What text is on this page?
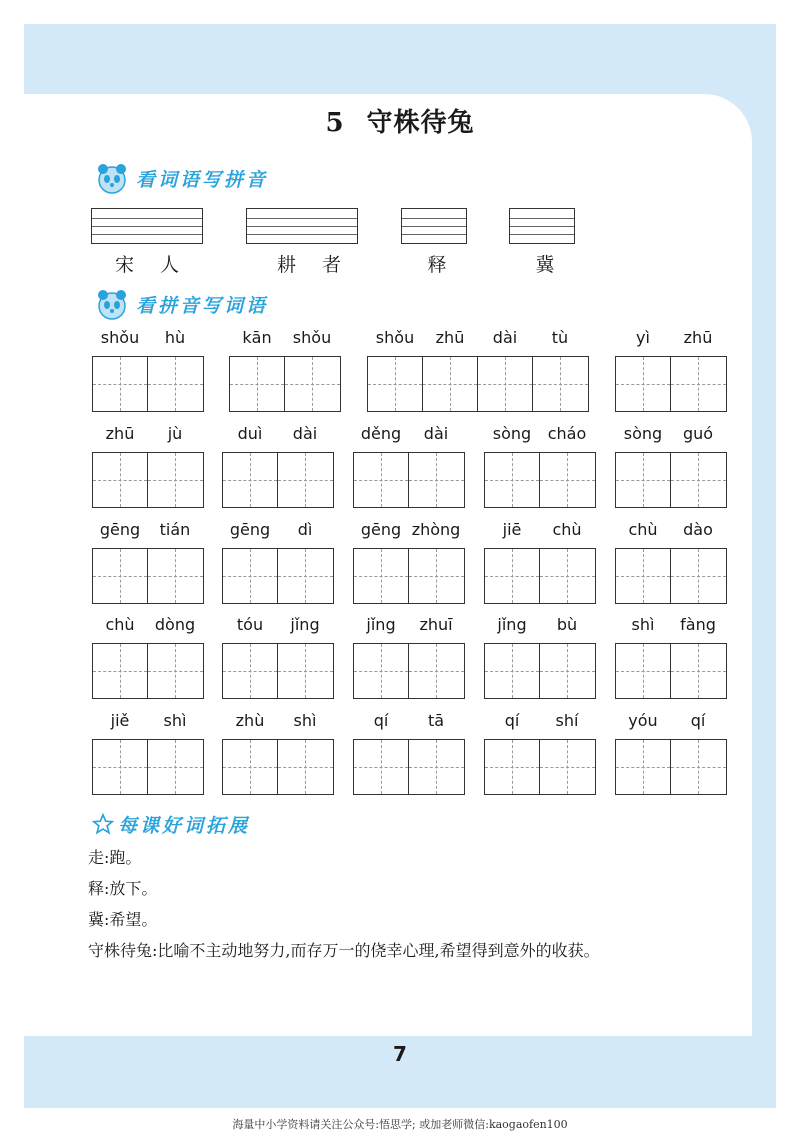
5 守株待兔
看词语写拼音
宋人	耕者	释	冀
看拼音写词语
shǒu	hù	kān	shǒu	shǒu	zhū	dài	tù	yì	zhū
zhū	jù	duì	dài	děng	dài	sòng	cháo	sòng	guó
gēng	tián	gēng	dì	gēng zhòng	jiē	chù	chù	dào
chù	dòng	tóu	jǐng	jǐng	zhuī	jǐng	bù	shì	fàng
jiě	shì	zhù	shì	qí	tā	qí	shí	yóu	qí
每课好词拓展
走:跑。
释:放下。
冀:希望。
守株待兔:比喻不主动地努力,而存万一的侥幸心理,希望得到意外的收获。
7
海量中小学资料请关注公众号:悟思学; 或加老师微信:kaogaofen100
